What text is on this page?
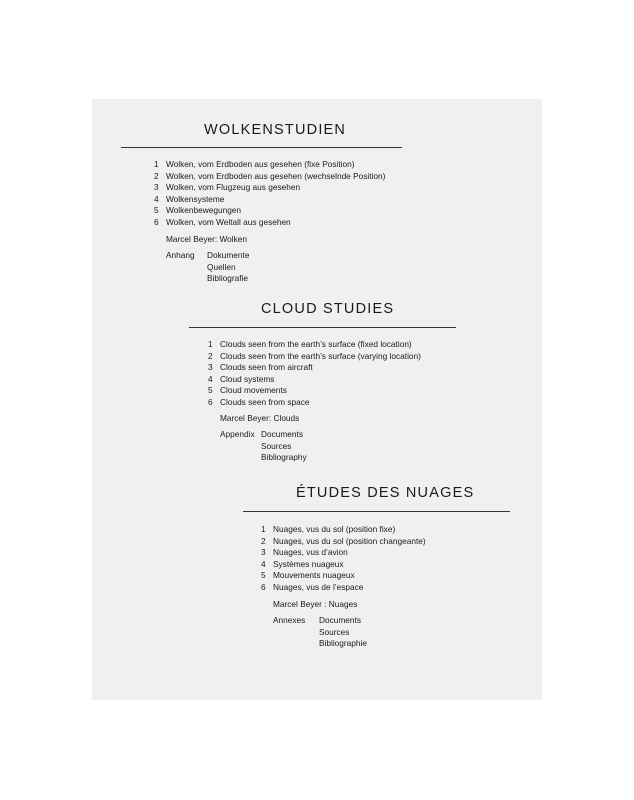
WOLKENSTUDIEN
1 Wolken, vom Erdboden aus gesehen (fixe Position)
2 Wolken, vom Erdboden aus gesehen (wechselnde Position)
3 Wolken, vom Flugzeug aus gesehen
4 Wolkensysteme
5 Wolkenbewegungen
6 Wolken, vom Weltall aus gesehen
Marcel Beyer: Wolken
Anhang Dokumente
Quellen
Bibliografie
CLOUD STUDIES
1 Clouds seen from the earth’s surface (fixed location)
2 Clouds seen from the earth’s surface (varying location)
3 Clouds seen from aircraft
4 Cloud systems
5 Cloud movements
6 Clouds seen from space
Marcel Beyer: Clouds
Appendix Documents
Sources
Bibliography
ÉTUDES DES NUAGES
1 Nuages, vus du sol (position fixe)
2 Nuages, vus du sol (position changeante)
3 Nuages, vus d’avion
4 Systèmes nuageux
5 Mouvements nuageux
6 Nuages, vus de l’espace
Marcel Beyer : Nuages
Annexes Documents
Sources
Bibliographie
